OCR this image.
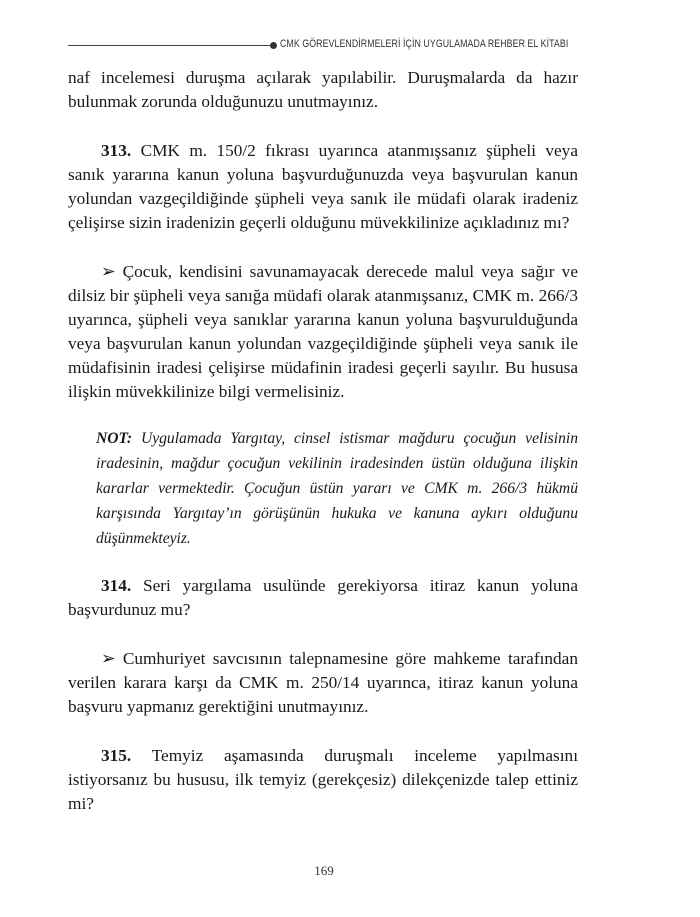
CMK GÖREVLENDİRMELERİ İÇİN UYGULAMADA REHBER EL KİTABI

naf incelemesi duruşma açılarak yapılabilir. Duruşmalarda da hazır bulunmak zorunda olduğunuzu unutmayınız.

313. CMK m. 150/2 fıkrası uyarınca atanmışsanız şüpheli veya sanık yararına kanun yoluna başvurduğunuzda veya başvurulan kanun yolundan vazgeçildiğinde şüpheli veya sanık ile müdafi olarak iradeniz çelişirse sizin iradenizin geçerli olduğunu müvekkilinize açıkladınız mı?

➢ Çocuk, kendisini savunamayacak derecede malul veya sağır ve dilsiz bir şüpheli veya sanığa müdafi olarak atanmışsanız, CMK m. 266/3 uyarınca, şüpheli veya sanıklar yararına kanun yoluna başvurulduğunda veya başvurulan kanun yolundan vazgeçildiğinde şüpheli veya sanık ile müdafisinin iradesi çelişirse müdafinin iradesi geçerli sayılır. Bu hususa ilişkin müvekkilinize bilgi vermelisiniz.

NOT: Uygulamada Yargıtay, cinsel istismar mağduru çocuğun velisinin iradesinin, mağdur çocuğun vekilinin iradesinden üstün olduğuna ilişkin kararlar vermektedir. Çocuğun üstün yararı ve CMK m. 266/3 hükmü karşısında Yargıtay’ın görüşünün hukuka ve kanuna aykırı olduğunu düşünmekteyiz.

314. Seri yargılama usulünde gerekiyorsa itiraz kanun yoluna başvurdunuz mu?

➢ Cumhuriyet savcısının talepnamesine göre mahkeme tarafından verilen karara karşı da CMK m. 250/14 uyarınca, itiraz kanun yoluna başvuru yapmanız gerektiğini unutmayınız.

315. Temyiz aşamasında duruşmalı inceleme yapılmasını istiyorsanız bu hususu, ilk temyiz (gerekçesiz) dilekçenizde talep ettiniz mi?

169
